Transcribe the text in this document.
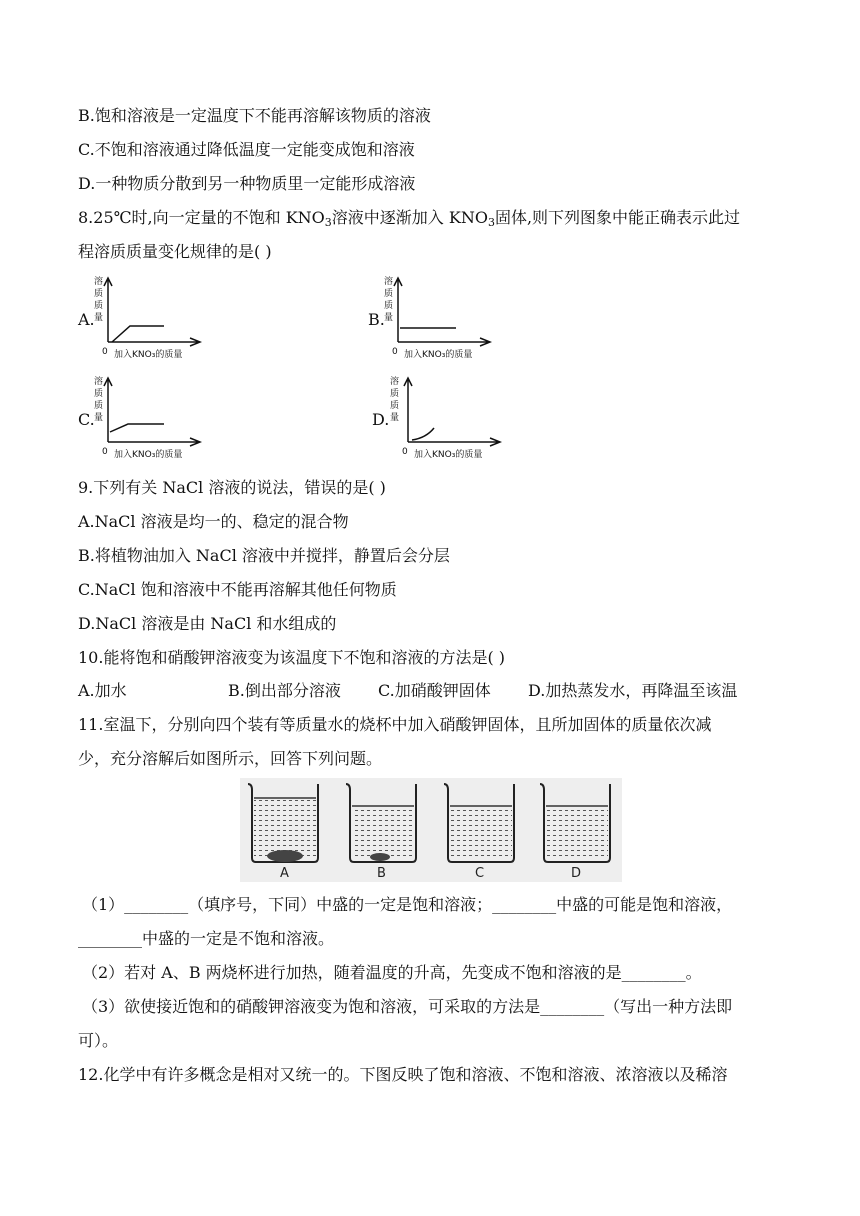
B.饱和溶液是一定温度下不能再溶解该物质的溶液
C.不饱和溶液通过降低温度一定能变成饱和溶液
D.一种物质分散到另一种物质里一定能形成溶液
8.25℃时,向一定量的不饱和 $KNO_3$溶液中逐渐加入 $KNO_3$固体,则下列图象中能正确表示此过
程溶质质量变化规律的是( )
A.
溶
质
质
量
0 加入KNO₃的质量
B.
溶
质
质
量
0 加入KNO₃的质量
C.
溶
质
质
量
0 加入KNO₃的质量
D.
溶
质
质
量
0 加入KNO₃的质量
9.下列有关 NaCl 溶液的说法，错误的是( )
A.NaCl 溶液是均一的、稳定的混合物
B.将植物油加入 NaCl 溶液中并搅拌，静置后会分层
C.NaCl 饱和溶液中不能再溶解其他任何物质
D.NaCl 溶液是由 NaCl 和水组成的
10.能将饱和硝酸钾溶液变为该温度下不饱和溶液的方法是( )
A.加水	B.倒出部分溶液 C.加硝酸钾固体 D.加热蒸发水，再降温至该温
11.室温下，分别向四个装有等质量水的烧杯中加入硝酸钾固体，且所加固体的质量依次减
少，充分溶解后如图所示，回答下列问题。
A	B	C	D
（1）________（填序号，下同）中盛的一定是饱和溶液；________中盛的可能是饱和溶液，
________中盛的一定是不饱和溶液。
（2）若对 A、B 两烧杯进行加热，随着温度的升高，先变成不饱和溶液的是________。
（3）欲使接近饱和的硝酸钾溶液变为饱和溶液，可采取的方法是________（写出一种方法即
可）。
12.化学中有许多概念是相对又统一的。下图反映了饱和溶液、不饱和溶液、浓溶液以及稀溶
